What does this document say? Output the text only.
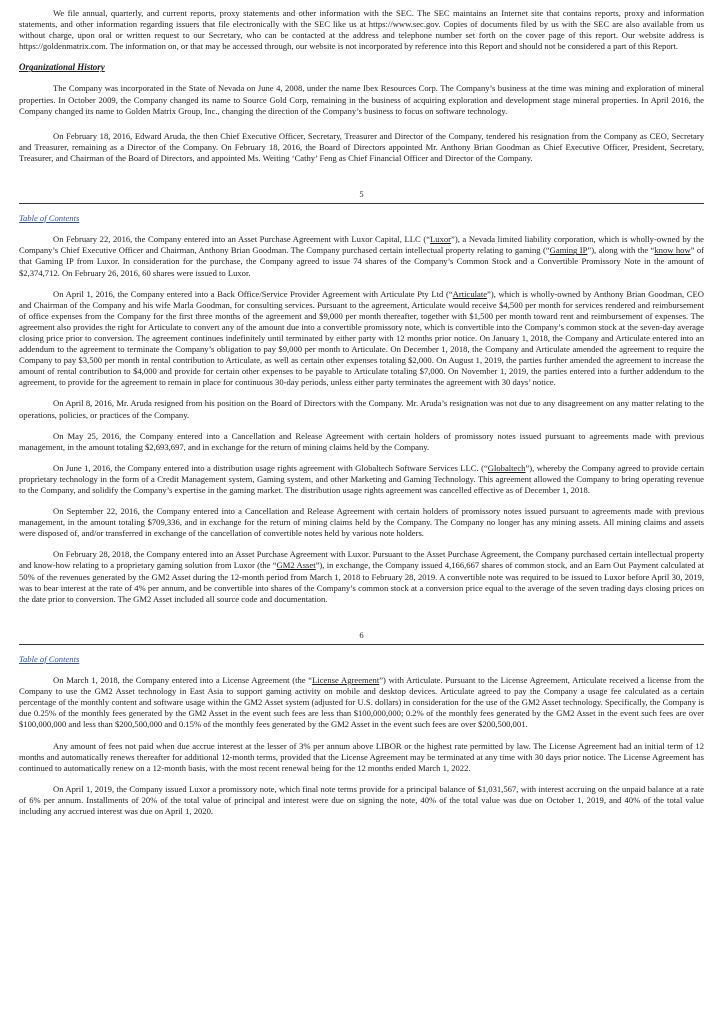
We file annual, quarterly, and current reports, proxy statements and other information with the SEC. The SEC maintains an Internet site that contains reports, proxy and information statements, and other information regarding issuers that file electronically with the SEC like us at https://www.sec.gov. Copies of documents filed by us with the SEC are also available from us without charge, upon oral or written request to our Secretary, who can be contacted at the address and telephone number set forth on the cover page of this report. Our website address is https://goldenmatrix.com. The information on, or that may be accessed through, our website is not incorporated by reference into this Report and should not be considered a part of this Report.

Organizational History

The Company was incorporated in the State of Nevada on June 4, 2008, under the name Ibex Resources Corp. The Company’s business at the time was mining and exploration of mineral properties. In October 2009, the Company changed its name to Source Gold Corp, remaining in the business of acquiring exploration and development stage mineral properties. In April 2016, the Company changed its name to Golden Matrix Group, Inc., changing the direction of the Company’s business to focus on software technology.

On February 18, 2016, Edward Aruda, the then Chief Executive Officer, Secretary, Treasurer and Director of the Company, tendered his resignation from the Company as CEO, Secretary and Treasurer, remaining as a Director of the Company. On February 18, 2016, the Board of Directors appointed Mr. Anthony Brian Goodman as Chief Executive Officer, President, Secretary, Treasurer, and Chairman of the Board of Directors, and appointed Ms. Weiting ‘Cathy’ Feng as Chief Financial Officer and Director of the Company.

5
Table of Contents

On February 22, 2016, the Company entered into an Asset Purchase Agreement with Luxor Capital, LLC (“Luxor”), a Nevada limited liability corporation, which is wholly-owned by the Company’s Chief Executive Officer and Chairman, Anthony Brian Goodman. The Company purchased certain intellectual property relating to gaming (“Gaming IP”), along with the “know how” of that Gaming IP from Luxor. In consideration for the purchase, the Company agreed to issue 74 shares of the Company’s Common Stock and a Convertible Promissory Note in the amount of $2,374,712. On February 26, 2016, 60 shares were issued to Luxor.

On April 1, 2016, the Company entered into a Back Office/Service Provider Agreement with Articulate Pty Ltd (“Articulate”), which is wholly-owned by Anthony Brian Goodman, CEO and Chairman of the Company and his wife Marla Goodman, for consulting services. Pursuant to the agreement, Articulate would receive $4,500 per month for services rendered and reimbursement of office expenses from the Company for the first three months of the agreement and $9,000 per month thereafter, together with $1,500 per month toward rent and reimbursement of expenses. The agreement also provides the right for Articulate to convert any of the amount due into a convertible promissory note, which is convertible into the Company’s common stock at the seven-day average closing price prior to conversion. The agreement continues indefinitely until terminated by either party with 12 months prior notice. On January 1, 2018, the Company and Articulate entered into an addendum to the agreement to terminate the Company’s obligation to pay $9,000 per month to Articulate. On December 1, 2018, the Company and Articulate amended the agreement to require the Company to pay $3,500 per month in rental contribution to Articulate, as well as certain other expenses totaling $2,000. On August 1, 2019, the parties further amended the agreement to increase the amount of rental contribution to $4,000 and provide for certain other expenses to be payable to Articulate totaling $7,000. On November 1, 2019, the parties entered into a further addendum to the agreement, to provide for the agreement to remain in place for continuous 30-day periods, unless either party terminates the agreement with 30 days’ notice.

On April 8, 2016, Mr. Aruda resigned from his position on the Board of Directors with the Company. Mr. Aruda’s resignation was not due to any disagreement on any matter relating to the operations, policies, or practices of the Company.

On May 25, 2016, the Company entered into a Cancellation and Release Agreement with certain holders of promissory notes issued pursuant to agreements made with previous management, in the amount totaling $2,693,697, and in exchange for the return of mining claims held by the Company.

On June 1, 2016, the Company entered into a distribution usage rights agreement with Globaltech Software Services LLC. (“Globaltech”), whereby the Company agreed to provide certain proprietary technology in the form of a Credit Management system, Gaming system, and other Marketing and Gaming Technology. This agreement allowed the Company to bring operating revenue to the Company, and solidify the Company’s expertise in the gaming market. The distribution usage rights agreement was cancelled effective as of December 1, 2018.

On September 22, 2016, the Company entered into a Cancellation and Release Agreement with certain holders of promissory notes issued pursuant to agreements made with previous management, in the amount totaling $709,336, and in exchange for the return of mining claims held by the Company. The Company no longer has any mining assets. All mining claims and assets were disposed of, and/or transferred in exchange of the cancellation of convertible notes held by various note holders.

On February 28, 2018, the Company entered into an Asset Purchase Agreement with Luxor. Pursuant to the Asset Purchase Agreement, the Company purchased certain intellectual property and know-how relating to a proprietary gaming solution from Luxor (the “GM2 Asset”), in exchange, the Company issued 4,166,667 shares of common stock, and an Earn Out Payment calculated at 50% of the revenues generated by the GM2 Asset during the 12-month period from March 1, 2018 to February 28, 2019. A convertible note was required to be issued to Luxor before April 30, 2019, was to bear interest at the rate of 4% per annum, and be convertible into shares of the Company’s common stock at a conversion price equal to the average of the seven trading days closing prices on the date prior to conversion. The GM2 Asset included all source code and documentation.

6
Table of Contents

On March 1, 2018, the Company entered into a License Agreement (the “License Agreement”) with Articulate. Pursuant to the License Agreement, Articulate received a license from the Company to use the GM2 Asset technology in East Asia to support gaming activity on mobile and desktop devices. Articulate agreed to pay the Company a usage fee calculated as a certain percentage of the monthly content and software usage within the GM2 Asset system (adjusted for U.S. dollars) in consideration for the use of the GM2 Asset technology. Specifically, the Company is due 0.25% of the monthly fees generated by the GM2 Asset in the event such fees are less than $100,000,000; 0.2% of the monthly fees generated by the GM2 Asset in the event such fees are over $100,000,000 and less than $200,500,000 and 0.15% of the monthly fees generated by the GM2 Asset in the event such fees are over $200,500,001.

Any amount of fees not paid when due accrue interest at the lesser of 3% per annum above LIBOR or the highest rate permitted by law. The License Agreement had an initial term of 12 months and automatically renews thereafter for additional 12-month terms, provided that the License Agreement may be terminated at any time with 30 days prior notice. The License Agreement has continued to automatically renew on a 12-month basis, with the most recent renewal being for the 12 months ended March 1, 2022.

On April 1, 2019, the Company issued Luxor a promissory note, which final note terms provide for a principal balance of $1,031,567, with interest accruing on the unpaid balance at a rate of 6% per annum. Installments of 20% of the total value of principal and interest were due on signing the note, 40% of the total value was due on October 1, 2019, and 40% of the total value including any accrued interest was due on April 1, 2020.
